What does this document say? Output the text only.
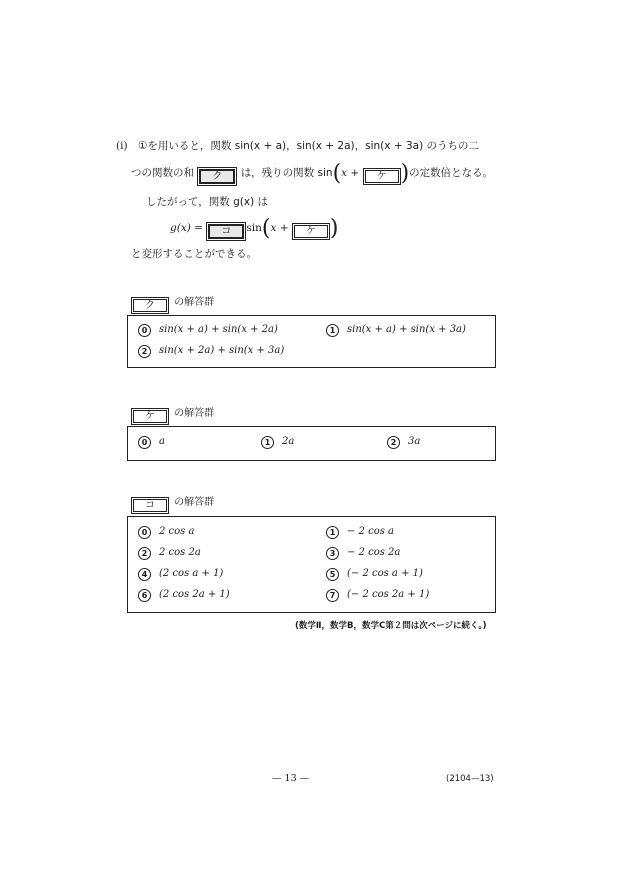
(i) ①を用いると，関数 sin(x + a)，sin(x + 2a)，sin(x + 3a) のうちの二
つの関数の和	ク	は，残りの関数 sin(x +	ケ )の定数倍となる。
したがって，関数 g(x) は
g(x) =	コ	sin(x +	ケ )
と変形することができる。
ク	の解答群
0 sin(x + a) + sin(x + 2a)	1 sin(x + a) + sin(x + 3a)
2 sin(x + 2a) + sin(x + 3a)
ケ	の解答群
0 a	1 2a	2 3a
コ	の解答群
0 2 cos a	1 − 2 cos a
2 2 cos 2a	3 − 2 cos 2a
4 (2 cos a + 1)	5 (− 2 cos a + 1)
6 (2 cos 2a + 1)	7 (− 2 cos 2a + 1)
(数学Ⅱ，数学B，数学C第２問は次ページに続く。)
— 13 —	(2104—13)
